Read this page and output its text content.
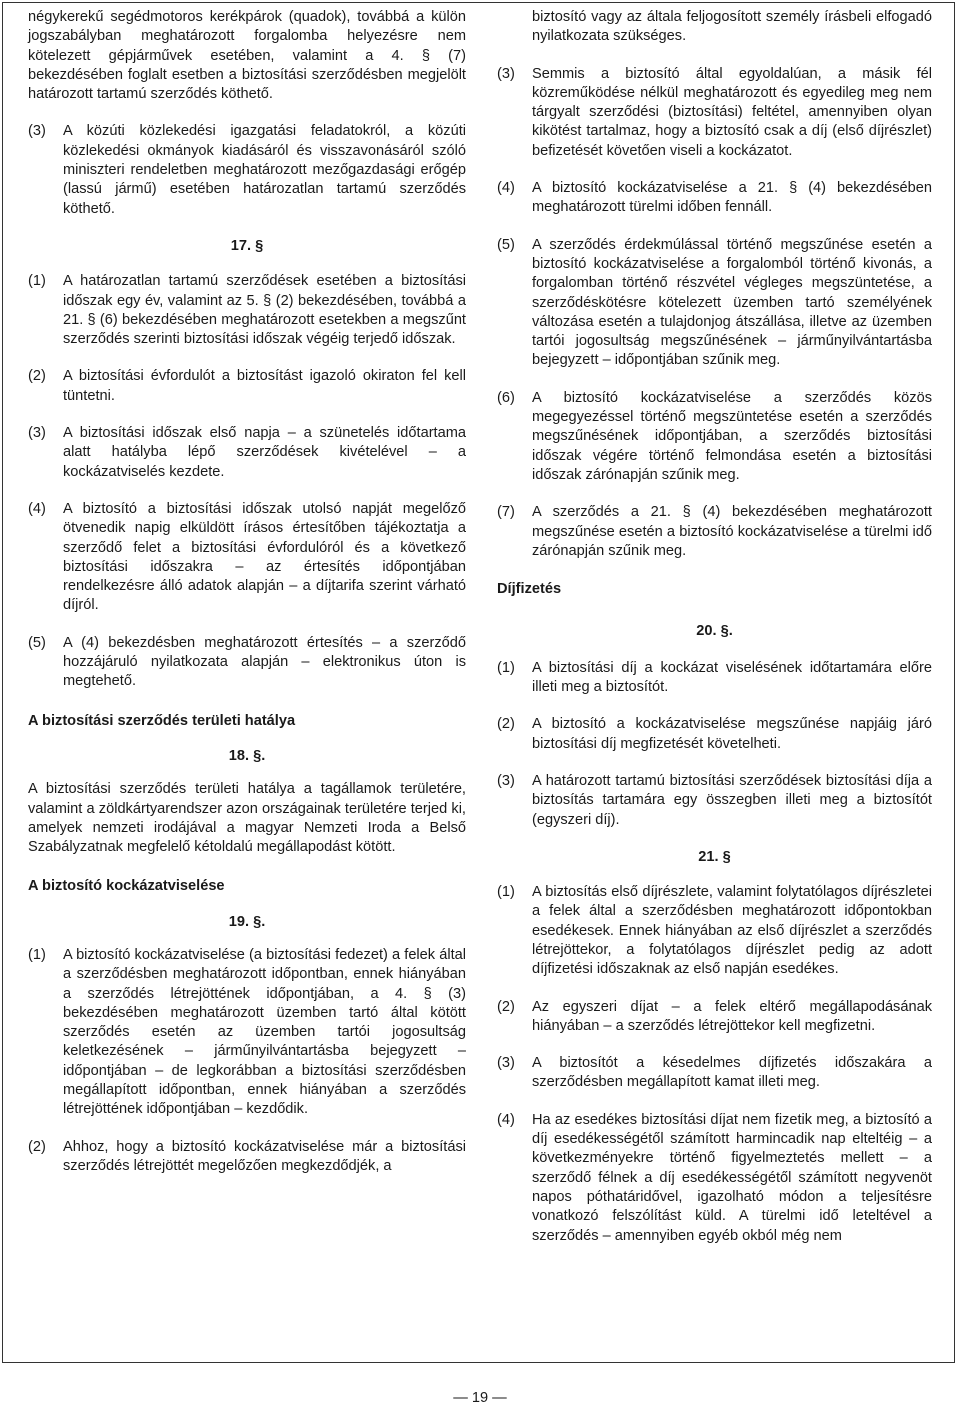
négykerekű segédmotoros kerékpárok (quadok), továbbá a külön jogszabályban meghatározott forgalomba helyezésre nem kötelezett gépjárművek esetében, valamint a 4. § (7) bekezdésében foglalt esetben a biztosítási szerződésben megjelölt határozott tartamú szerződés köthető.
(3) A közúti közlekedési igazgatási feladatokról, a közúti közlekedési okmányok kiadásáról és visszavonásáról szóló miniszteri rendeletben meghatározott mezőgazdasági erőgép (lassú jármű) esetében határozatlan tartamú szerződés köthető.
17. §
(1) A határozatlan tartamú szerződések esetében a biztosítási időszak egy év, valamint az 5. § (2) bekezdésében, továbbá a 21. § (6) bekezdésében meghatározott esetekben a megszűnt szerződés szerinti biztosítási időszak végéig terjedő időszak.
(2) A biztosítási évfordulót a biztosítást igazoló okiraton fel kell tüntetni.
(3) A biztosítási időszak első napja – a szünetelés időtartama alatt hatályba lépő szerződések kivételével – a kockázatviselés kezdete.
(4) A biztosító a biztosítási időszak utolsó napját megelőző ötvenedik napig elküldött írásos értesítőben tájékoztatja a szerződő felet a biztosítási évfordulóról és a következő biztosítási időszakra – az értesítés időpontjában rendelkezésre álló adatok alapján – a díjtarifa szerint várható díjról.
(5) A (4) bekezdésben meghatározott értesítés – a szerződő hozzájáruló nyilatkozata alapján – elektronikus úton is megtehető.
A biztosítási szerződés területi hatálya
18. §.
A biztosítási szerződés területi hatálya a tagállamok területére, valamint a zöldkártyarendszer azon országainak területére terjed ki, amelyek nemzeti irodájával a magyar Nemzeti Iroda a Belső Szabályzatnak megfelelő kétoldalú megállapodást kötött.
A biztosító kockázatviselése
19. §.
(1) A biztosító kockázatviselése (a biztosítási fedezet) a felek által a szerződésben meghatározott időpontban, ennek hiányában a szerződés létrejöttének időpontjában, a 4. § (3) bekezdésében meghatározott üzemben tartó által kötött szerződés esetén az üzemben tartói jogosultság keletkezésének – járműnyilvántartásba bejegyzett – időpontjában – de legkorábban a biztosítási szerződésben megállapított időpontban, ennek hiányában a szerződés létrejöttének időpontjában – kezdődik.
(2) Ahhoz, hogy a biztosító kockázatviselése már a biztosítási szerződés létrejöttét megelőzően megkezdődjék, a
biztosító vagy az általa feljogosított személy írásbeli elfogadó nyilatkozata szükséges.
(3) Semmis a biztosító által egyoldalúan, a másik fél közreműködése nélkül meghatározott és egyedileg meg nem tárgyalt szerződési (biztosítási) feltétel, amennyiben olyan kikötést tartalmaz, hogy a biztosító csak a díj (első díjrészlet) befizetését követően viseli a kockázatot.
(4) A biztosító kockázatviselése a 21. § (4) bekezdésében meghatározott türelmi időben fennáll.
(5) A szerződés érdekmúlással történő megszűnése esetén a biztosító kockázatviselése a forgalomból történő kivonás, a forgalomban történő részvétel végleges megszüntetése, a szerződéskötésre kötelezett üzemben tartó személyének változása esetén a tulajdonjog átszállása, illetve az üzemben tartói jogosultság megszűnésének – járműnyilvántartásba bejegyzett – időpontjában szűnik meg.
(6) A biztosító kockázatviselése a szerződés közös megegyezéssel történő megszüntetése esetén a szerződés megszűnésének időpontjában, a szerződés biztosítási időszak végére történő felmondása esetén a biztosítási időszak zárónapján szűnik meg.
(7) A szerződés a 21. § (4) bekezdésében meghatározott megszűnése esetén a biztosító kockázatviselése a türelmi idő zárónapján szűnik meg.
Díjfizetés
20. §.
(1) A biztosítási díj a kockázat viselésének időtartamára előre illeti meg a biztosítót.
(2) A biztosító a kockázatviselése megszűnése napjáig járó biztosítási díj megfizetését követelheti.
(3) A határozott tartamú biztosítási szerződések biztosítási díja a biztosítás tartamára egy összegben illeti meg a biztosítót (egyszeri díj).
21. §
(1) A biztosítás első díjrészlete, valamint folytatólagos díjrészletei a felek által a szerződésben meghatározott időpontokban esedékesek. Ennek hiányában az első díjrészlet a szerződés létrejöttekor, a folytatólagos díjrészlet pedig az adott díjfizetési időszaknak az első napján esedékes.
(2) Az egyszeri díjat – a felek eltérő megállapodásának hiányában – a szerződés létrejöttekor kell megfizetni.
(3) A biztosítót a késedelmes díjfizetés időszakára a szerződésben megállapított kamat illeti meg.
(4) Ha az esedékes biztosítási díjat nem fizetik meg, a biztosító a díj esedékességétől számított harmincadik nap elteltéig – a következményekre történő figyelmeztetés mellett – a szerződő félnek a díj esedékességétől számított negyvenöt napos póthatáridővel, igazolható módon a teljesítésre vonatkozó felszólítást küld. A türelmi idő leteltével a szerződés – amennyiben egyéb okból még nem
— 19 —
